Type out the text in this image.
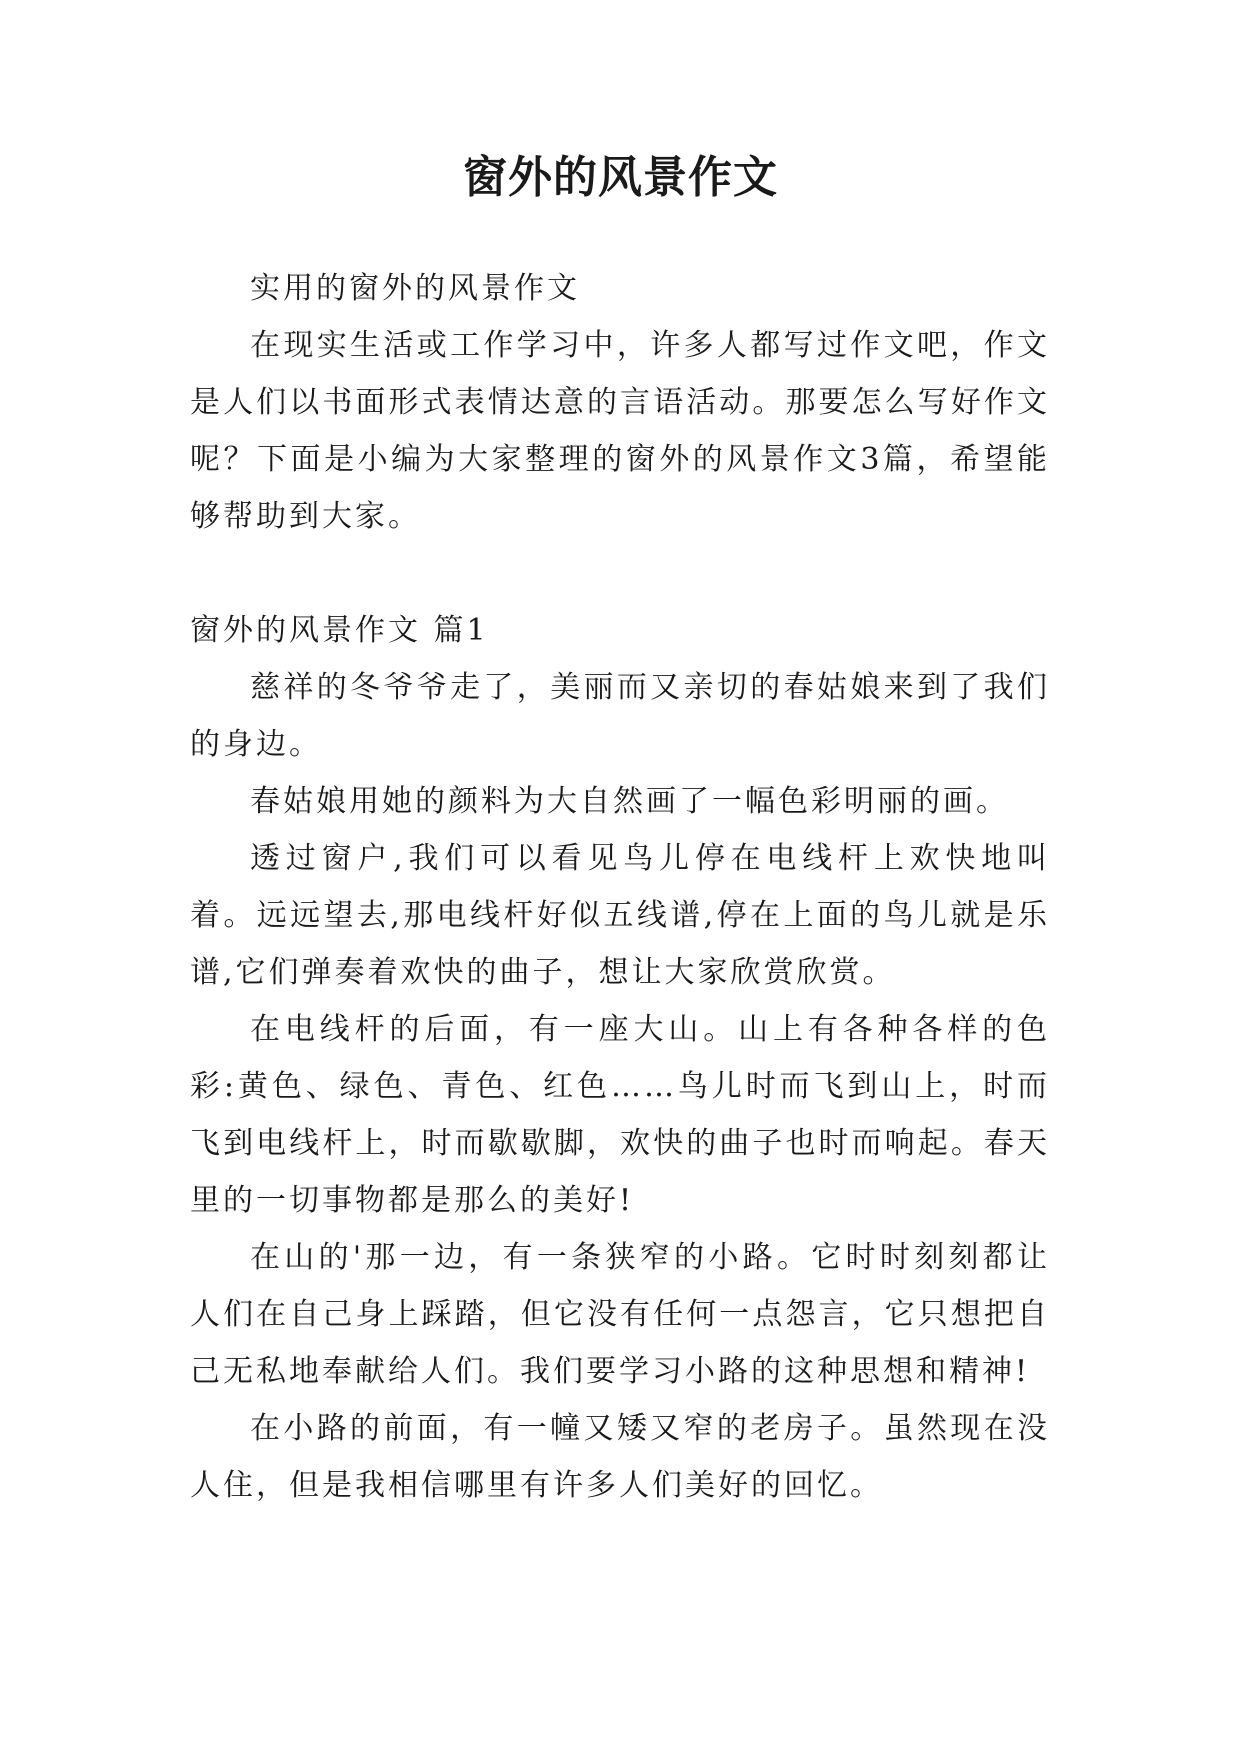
窗外的风景作文

实用的窗外的风景作文

在现实生活或工作学习中，许多人都写过作文吧，作文是人们以书面形式表情达意的言语活动。那要怎么写好作文呢？下面是小编为大家整理的窗外的风景作文3篇，希望能够帮助到大家。

窗外的风景作文 篇1

慈祥的冬爷爷走了，美丽而又亲切的春姑娘来到了我们的身边。

春姑娘用她的颜料为大自然画了一幅色彩明丽的画。

透过窗户,我们可以看见鸟儿停在电线杆上欢快地叫着。远远望去,那电线杆好似五线谱,停在上面的鸟儿就是乐谱,它们弹奏着欢快的曲子，想让大家欣赏欣赏。

在电线杆的后面，有一座大山。山上有各种各样的色彩:黄色、绿色、青色、红色……鸟儿时而飞到山上，时而飞到电线杆上，时而歇歇脚，欢快的曲子也时而响起。春天里的一切事物都是那么的美好!

在山的'那一边，有一条狭窄的小路。它时时刻刻都让人们在自己身上踩踏，但它没有任何一点怨言，它只想把自己无私地奉献给人们。我们要学习小路的这种思想和精神!

在小路的前面，有一幢又矮又窄的老房子。虽然现在没人住，但是我相信哪里有许多人们美好的回忆。
